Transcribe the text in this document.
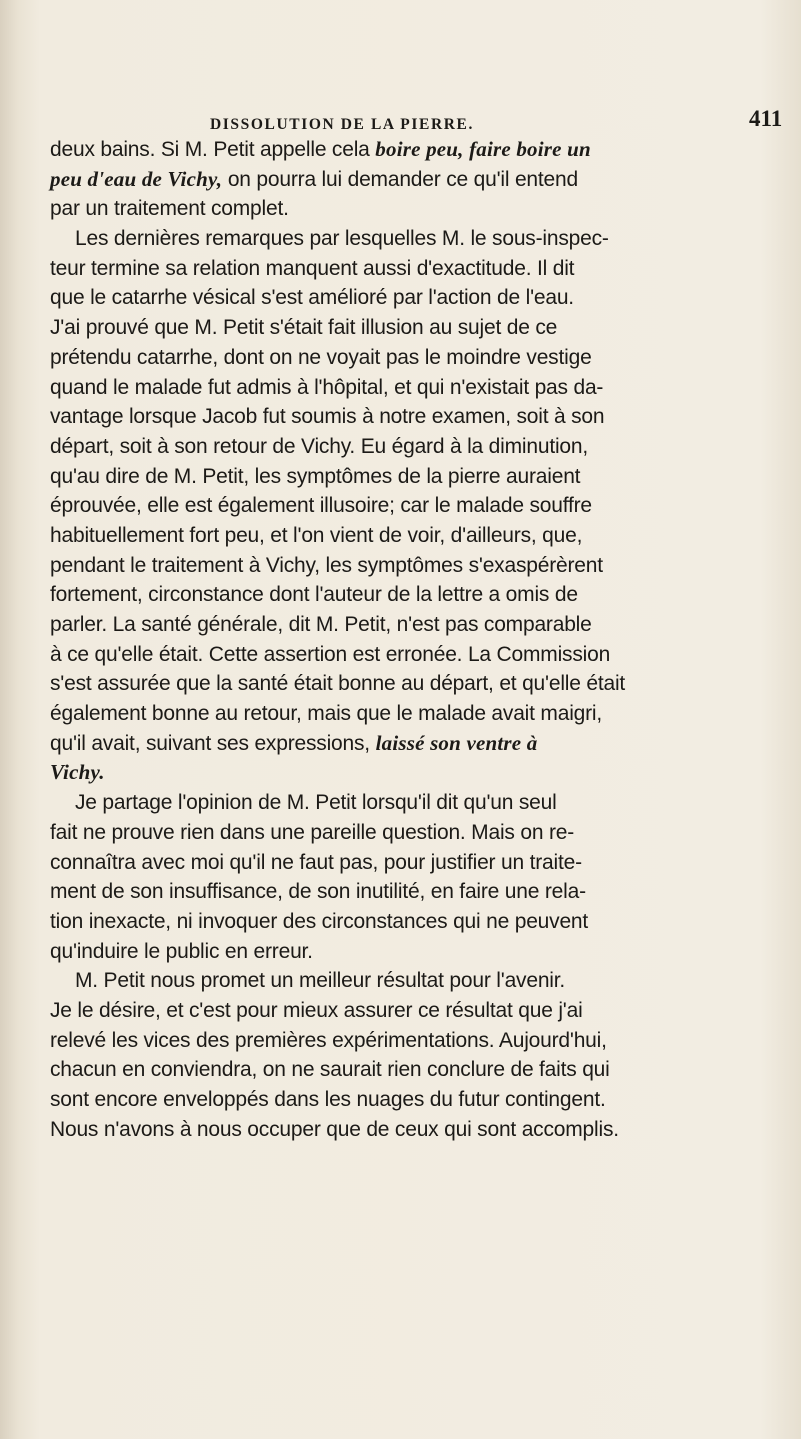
DISSOLUTION DE LA PIERRE.	411

deux bains. Si M. Petit appelle cela boire peu, faire boire un
peu d'eau de Vichy, on pourra lui demander ce qu'il entend
par un traitement complet.

Les dernières remarques par lesquelles M. le sous-inspec-
teur termine sa relation manquent aussi d'exactitude. Il dit
que le catarrhe vésical s'est amélioré par l'action de l'eau.
J'ai prouvé que M. Petit s'était fait illusion au sujet de ce
prétendu catarrhe, dont on ne voyait pas le moindre vestige
quand le malade fut admis à l'hôpital, et qui n'existait pas da-
vantage lorsque Jacob fut soumis à notre examen, soit à son
départ, soit à son retour de Vichy. Eu égard à la diminution,
qu'au dire de M. Petit, les symptômes de la pierre auraient
éprouvée, elle est également illusoire; car le malade souffre
habituellement fort peu, et l'on vient de voir, d'ailleurs, que,
pendant le traitement à Vichy, les symptômes s'exaspérèrent
fortement, circonstance dont l'auteur de la lettre a omis de
parler. La santé générale, dit M. Petit, n'est pas comparable
à ce qu'elle était. Cette assertion est erronée. La Commission
s'est assurée que la santé était bonne au départ, et qu'elle était
également bonne au retour, mais que le malade avait maigri,
qu'il avait, suivant ses expressions, laissé son ventre à
Vichy.

Je partage l'opinion de M. Petit lorsqu'il dit qu'un seul
fait ne prouve rien dans une pareille question. Mais on re-
connaîtra avec moi qu'il ne faut pas, pour justifier un traite-
ment de son insuffisance, de son inutilité, en faire une rela-
tion inexacte, ni invoquer des circonstances qui ne peuvent
qu'induire le public en erreur.

M. Petit nous promet un meilleur résultat pour l'avenir.
Je le désire, et c'est pour mieux assurer ce résultat que j'ai
relevé les vices des premières expérimentations. Aujourd'hui,
chacun en conviendra, on ne saurait rien conclure de faits qui
sont encore enveloppés dans les nuages du futur contingent.
Nous n'avons à nous occuper que de ceux qui sont accomplis.
